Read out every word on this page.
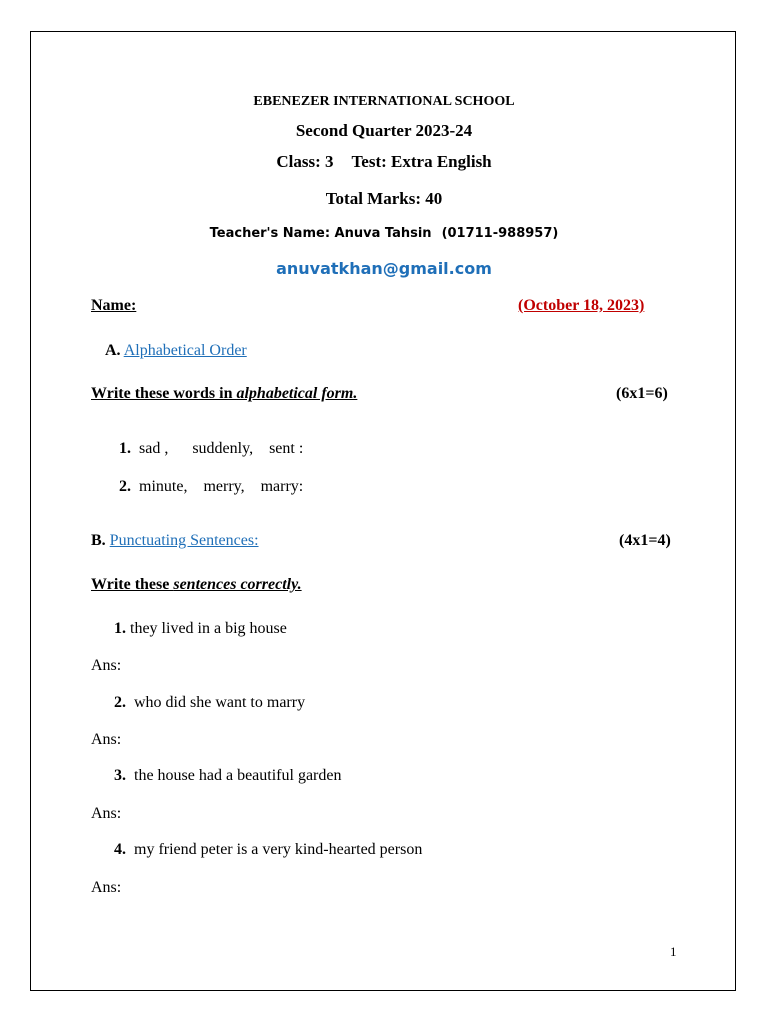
EBENEZER INTERNATIONAL SCHOOL
Second Quarter 2023-24
Class: 3 Test: Extra English
Total Marks: 40
Teacher's Name: Anuva Tahsin (01711-988957)
anuvatkhan@gmail.com
Name:	(October 18, 2023)
A. Alphabetical Order
Write these words in alphabetical form.	(6x1=6)
1. sad ,      suddenly,    sent :
2. minute,    merry,    marry:
B. Punctuating Sentences:	(4x1=4)
Write these sentences correctly.
1. they lived in a big house
Ans:
2.  who did she want to marry
Ans:
3.  the house had a beautiful garden
Ans:
4.  my friend peter is a very kind-hearted person
Ans:
1
